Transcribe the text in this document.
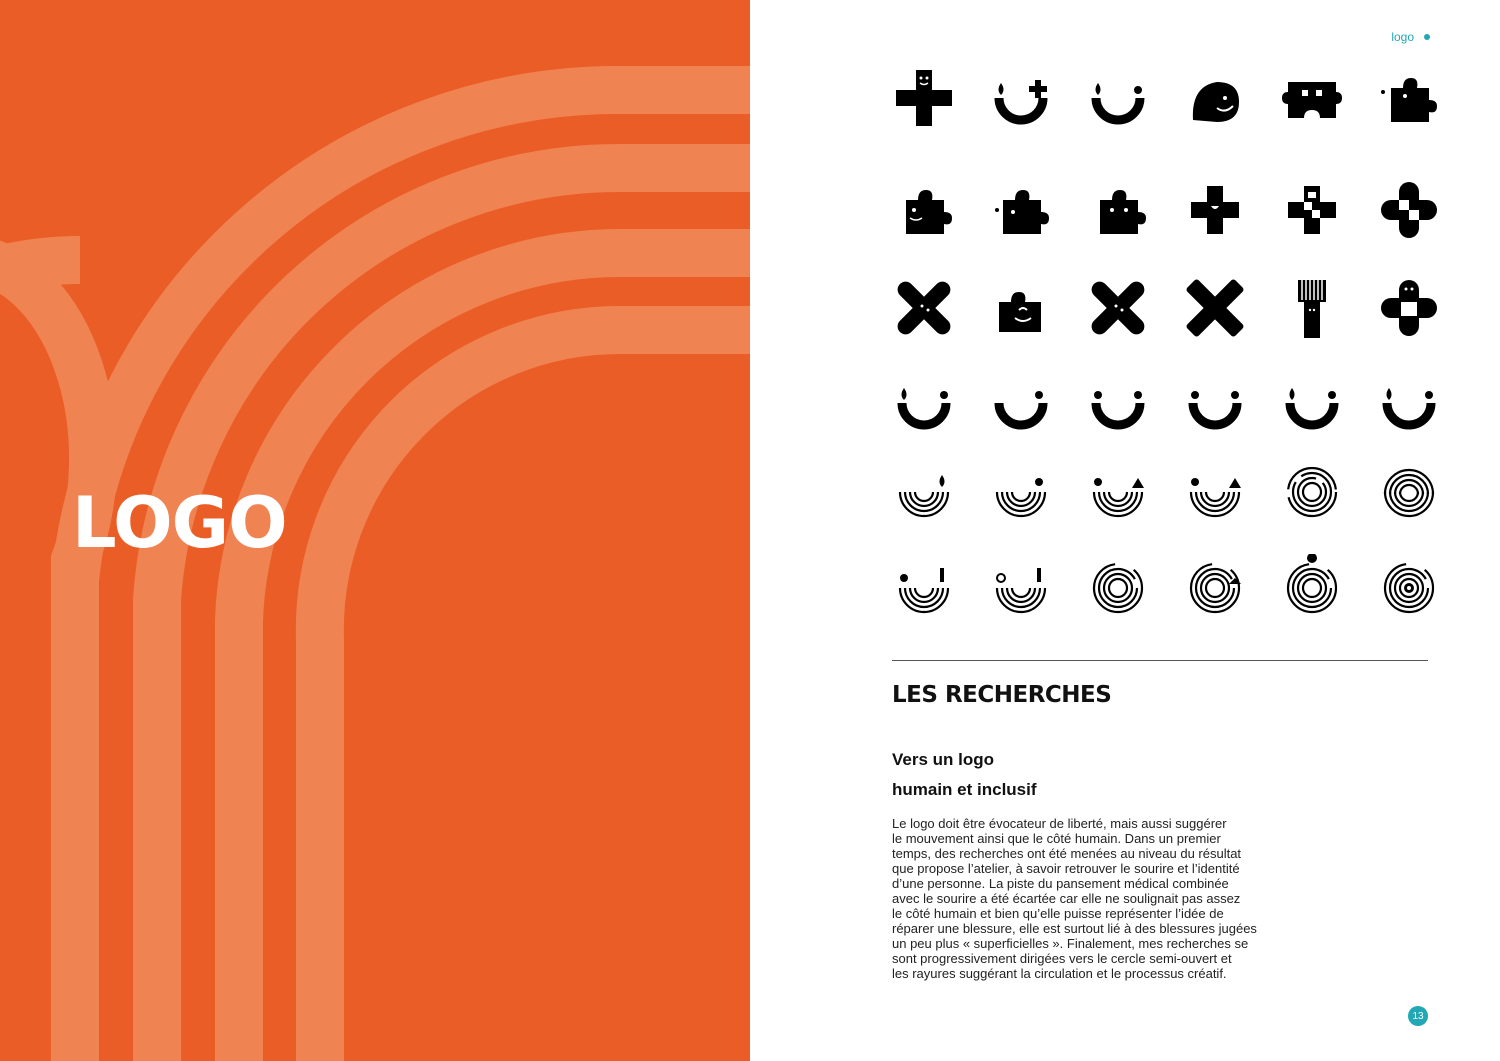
LOGO
logo
LES RECHERCHES

Vers un logo

humain et inclusif

Le logo doit être évocateur de liberté, mais aussi suggérer
le mouvement ainsi que le côté humain. Dans un premier
temps, des recherches ont été menées au niveau du résultat
que propose l’atelier, à savoir retrouver le sourire et l’identité
d’une personne. La piste du pansement médical combinée
avec le sourire a été écartée car elle ne soulignait pas assez
le côté humain et bien qu’elle puisse représenter l’idée de
réparer une blessure, elle est surtout lié à des blessures jugées
un peu plus « superficielles ». Finalement, mes recherches se
sont progressivement dirigées vers le cercle semi-ouvert et
les rayures suggérant la circulation et le processus créatif.
13
